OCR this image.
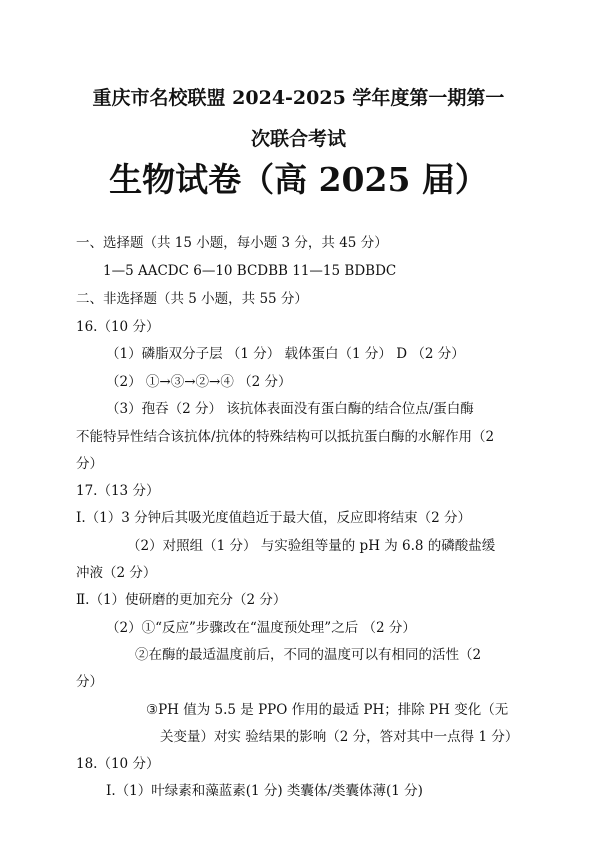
重庆市名校联盟 2024-2025 学年度第一期第一
次联合考试
生物试卷（高 2025 届）
一、选择题（共 15 小题，每小题 3 分，共 45 分）
1—5 AACDC 6—10 BCDBB 11—15 BDBDC
二、非选择题（共 5 小题，共 55 分）
16.（10 分）
（1）磷脂双分子层 （1 分） 载体蛋白（1 分） D （2 分）
（2） ①→③→②→④ （2 分）
（3）孢吞（2 分） 该抗体表面没有蛋白酶的结合位点/蛋白酶
不能特异性结合该抗体/抗体的特殊结构可以抵抗蛋白酶的水解作用（2
分）
17.（13 分）
Ⅰ.（1）3 分钟后其吸光度值趋近于最大值，反应即将结束（2 分）
（2）对照组（1 分） 与实验组等量的 pH 为 6.8 的磷酸盐缓
冲液（2 分）
Ⅱ.（1）使研磨的更加充分（2 分）
（2）①“反应”步骤改在“温度预处理”之后 （2 分）
②在酶的最适温度前后，不同的温度可以有相同的活性（2
分）
③PH 值为 5.5 是 PPO 作用的最适 PH；排除 PH 变化（无
关变量）对实 验结果的影响（2 分，答对其中一点得 1 分）
18.（10 分）
Ⅰ.（1）叶绿素和藻蓝素(1 分) 类囊体/类囊体薄(1 分)
